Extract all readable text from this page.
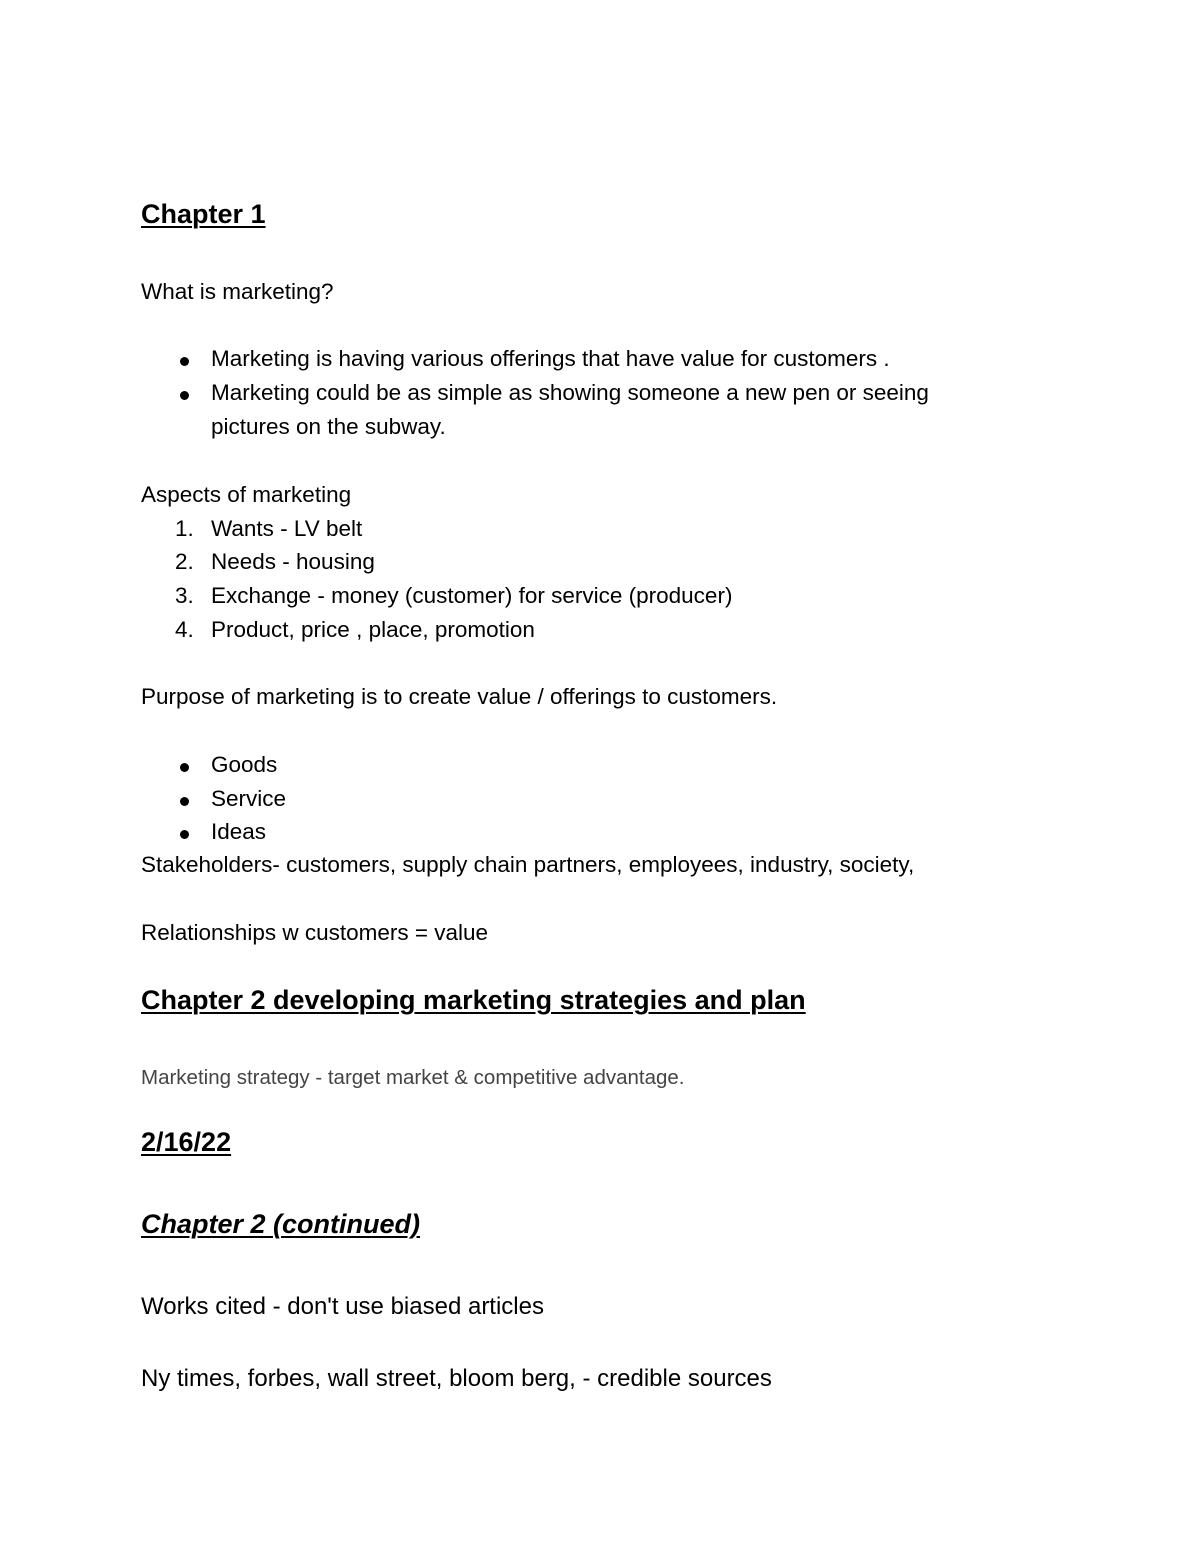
Chapter 1

What is marketing?

Marketing is having various offerings that have value for customers .
Marketing could be as simple as showing someone a new pen or seeing
pictures on the subway.

Aspects of marketing

1. Wants - LV belt
2. Needs - housing
3. Exchange - money (customer) for service (producer)
4. Product, price , place, promotion

Purpose of marketing is to create value / offerings to customers.

Goods
Service
Ideas

Stakeholders- customers, supply chain partners, employees, industry, society,

Relationships w customers = value

Chapter 2 developing marketing strategies and plan

Marketing strategy - target market & competitive advantage.

2/16/22
Chapter 2 (continued)

Works cited - don't use biased articles

Ny times, forbes, wall street, bloom berg, - credible sources
